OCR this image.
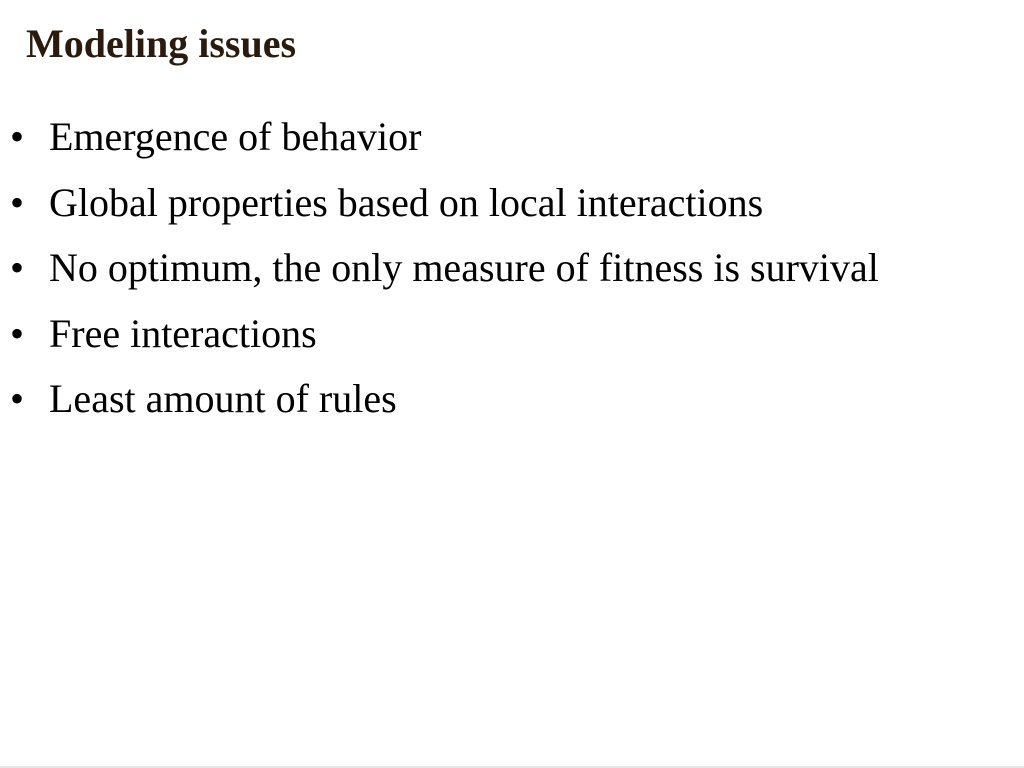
Modeling issues
• Emergence of behavior
• Global properties based on local interactions
• No optimum, the only measure of fitness is survival
• Free interactions
• Least amount of rules
